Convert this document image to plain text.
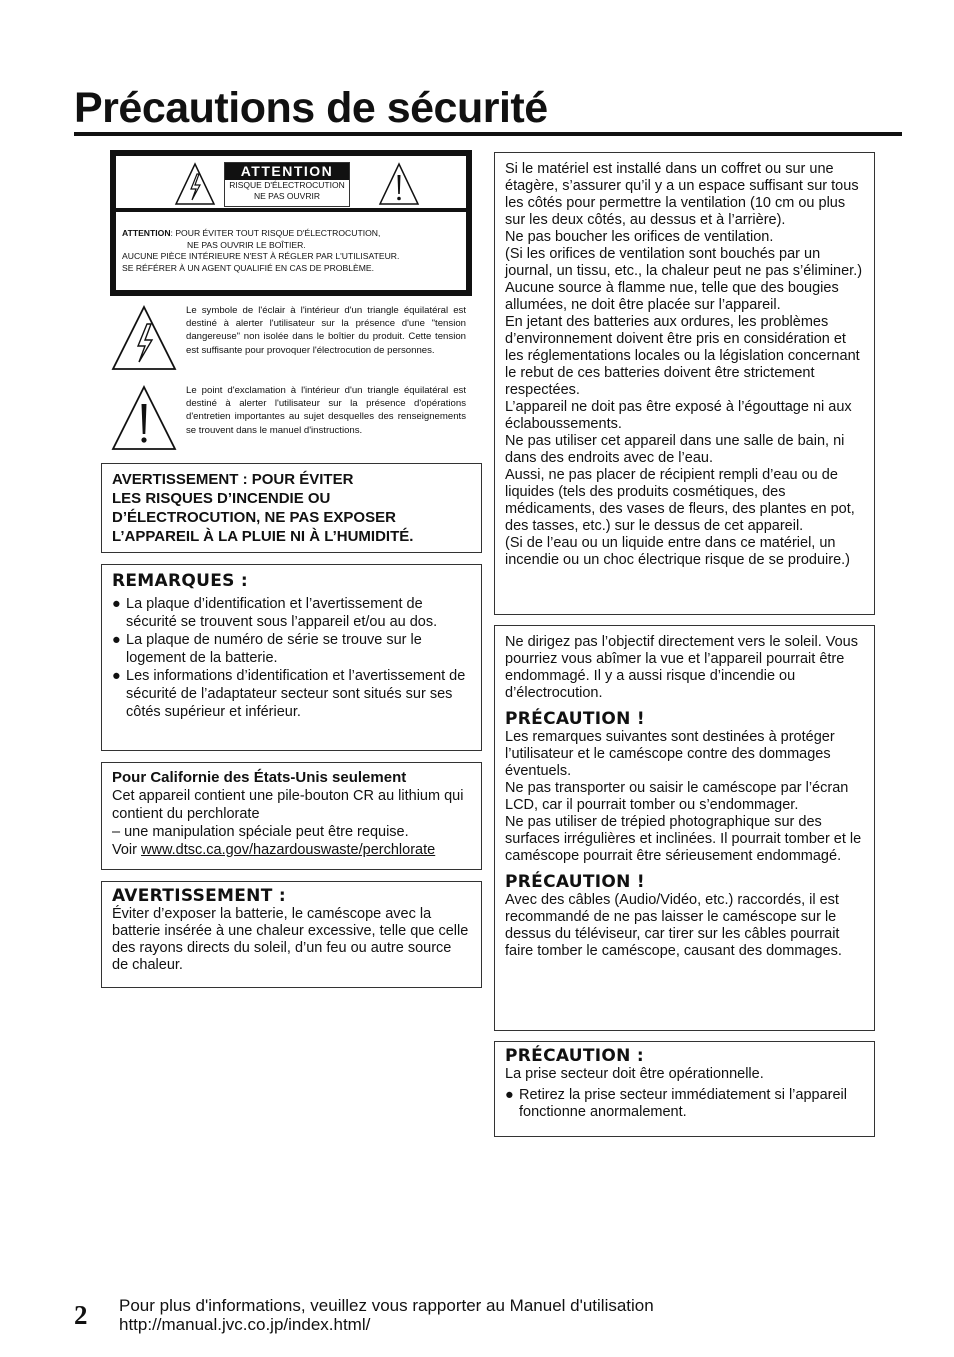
Précautions de sécurité
ATTENTION
RISQUE D'ÉLECTROCUTION
NE PAS OUVRIR
ATTENTION: POUR ÉVITER TOUT RISQUE D'ÉLECTROCUTION,
NE PAS OUVRIR LE BOÎTIER.
AUCUNE PIÈCE INTÉRIEURE N'EST À RÉGLER PAR L'UTILISATEUR.
SE RÉFÉRER À UN AGENT QUALIFIÉ EN CAS DE PROBLÈME.
Le symbole de l'éclair à l'intérieur d'un triangle équilatéral est destiné à alerter l'utilisateur sur la présence d'une "tension dangereuse" non isolée dans le boîtier du produit. Cette tension est suffisante pour provoquer l'électrocution de personnes.
Le point d'exclamation à l'intérieur d'un triangle équilatéral est destiné à alerter l'utilisateur sur la présence d'opérations d'entretien importantes au sujet desquelles des renseignements se trouvent dans le manuel d'instructions.
AVERTISSEMENT : POUR ÉVITER
LES RISQUES D’INCENDIE OU
D’ÉLECTROCUTION, NE PAS EXPOSER
L’APPAREIL À LA PLUIE NI À L’HUMIDITÉ.
REMARQUES :
● La plaque d’identification et l’avertissement de sécurité se trouvent sous l’appareil et/ou au dos.
● La plaque de numéro de série se trouve sur le logement de la batterie.
● Les informations d’identification et l’avertissement de sécurité de l’adaptateur secteur sont situés sur ses côtés supérieur et inférieur.
Pour Californie des États-Unis seulement
Cet appareil contient une pile-bouton CR au lithium qui contient du perchlorate
– une manipulation spéciale peut être requise.
Voir www.dtsc.ca.gov/hazardouswaste/perchlorate
AVERTISSEMENT :
Éviter d’exposer la batterie, le caméscope avec la batterie insérée à une chaleur excessive, telle que celle des rayons directs du soleil, d’un feu ou autre source de chaleur.
Si le matériel est installé dans un coffret ou sur une étagère, s’assurer qu’il y a un espace suffisant sur tous les côtés pour permettre la ventilation (10 cm ou plus sur les deux côtés, au dessus et à l’arrière).
Ne pas boucher les orifices de ventilation.
(Si les orifices de ventilation sont bouchés par un journal, un tissu, etc., la chaleur peut ne pas s’éliminer.)
Aucune source à flamme nue, telle que des bougies allumées, ne doit être placée sur l’appareil.
En jetant des batteries aux ordures, les problèmes d’environnement doivent être pris en considération et les réglementations locales ou la législation concernant le rebut de ces batteries doivent être strictement respectées.
L’appareil ne doit pas être exposé à l’égouttage ni aux éclaboussements.
Ne pas utiliser cet appareil dans une salle de bain, ni dans des endroits avec de l’eau.
Aussi, ne pas placer de récipient rempli d’eau ou de liquides (tels des produits cosmétiques, des médicaments, des vases de fleurs, des plantes en pot, des tasses, etc.) sur le dessus de cet appareil.
(Si de l’eau ou un liquide entre dans ce matériel, un incendie ou un choc électrique risque de se produire.)
Ne dirigez pas l’objectif directement vers le soleil. Vous pourriez vous abîmer la vue et l’appareil pourrait être endommagé. Il y a aussi risque d’incendie ou d’électrocution.
PRÉCAUTION !
Les remarques suivantes sont destinées à protéger l’utilisateur et le caméscope contre des dommages éventuels.
Ne pas transporter ou saisir le caméscope par l’écran LCD, car il pourrait tomber ou s’endommager.
Ne pas utiliser de trépied photographique sur des surfaces irrégulières et inclinées. Il pourrait tomber et le caméscope pourrait être sérieusement endommagé.
PRÉCAUTION !
Avec des câbles (Audio/Vidéo, etc.) raccordés, il est recommandé de ne pas laisser le caméscope sur le dessus du téléviseur, car tirer sur les câbles pourrait faire tomber le caméscope, causant des dommages.
PRÉCAUTION :
La prise secteur doit être opérationnelle.
● Retirez la prise secteur immédiatement si l’appareil fonctionne anormalement.
2 Pour plus d'informations, veuillez vous rapporter au Manuel d'utilisation
http://manual.jvc.co.jp/index.html/
